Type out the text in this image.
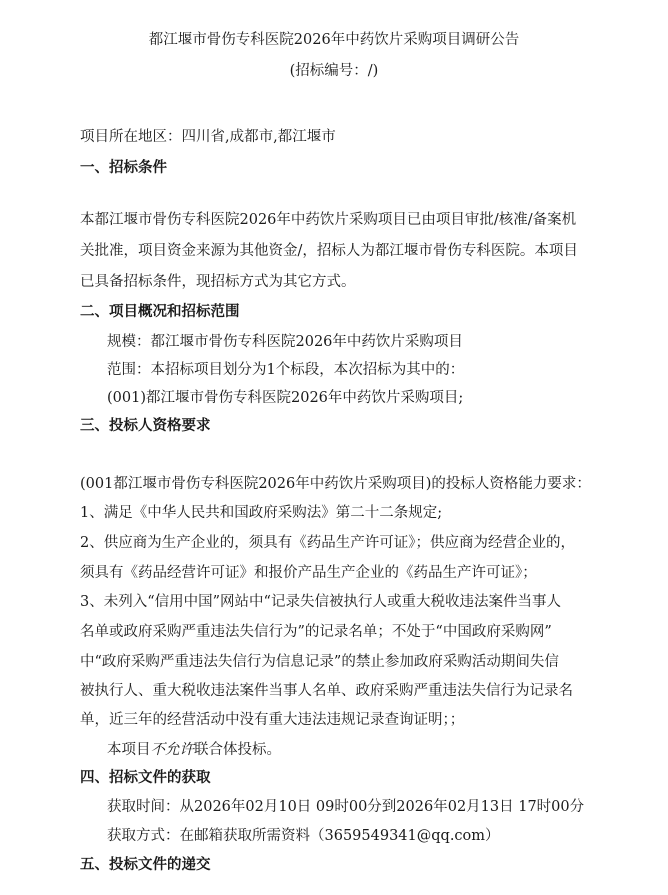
都江堰市骨伤专科医院2026年中药饮片采购项目调研公告
(招标编号：/)
项目所在地区：四川省,成都市,都江堰市
一、招标条件
本都江堰市骨伤专科医院2026年中药饮片采购项目已由项目审批/核准/备案机
关批准，项目资金来源为其他资金/，招标人为都江堰市骨伤专科医院。本项目
已具备招标条件，现招标方式为其它方式。
二、项目概况和招标范围
规模：都江堰市骨伤专科医院2026年中药饮片采购项目
范围：本招标项目划分为1个标段，本次招标为其中的：
(001)都江堰市骨伤专科医院2026年中药饮片采购项目;
三、投标人资格要求
(001都江堰市骨伤专科医院2026年中药饮片采购项目)的投标人资格能力要求：
1、满足《中华人民共和国政府采购法》第二十二条规定;
2、供应商为生产企业的，须具有《药品生产许可证》；供应商为经营企业的，
须具有《药品经营许可证》和报价产品生产企业的《药品生产许可证》；
3、未列入“信用中国”网站中“记录失信被执行人或重大税收违法案件当事人
名单或政府采购严重违法失信行为”的记录名单；不处于“中国政府采购网”
中“政府采购严重违法失信行为信息记录”的禁止参加政府采购活动期间失信
被执行人、重大税收违法案件当事人名单、政府采购严重违法失信行为记录名
单，近三年的经营活动中没有重大违法违规记录查询证明；；
本项目不允许联合体投标。
四、招标文件的获取
获取时间：从2026年02月10日 09时00分到2026年02月13日 17时00分
获取方式：在邮箱获取所需资料（3659549341@qq.com）
五、投标文件的递交
